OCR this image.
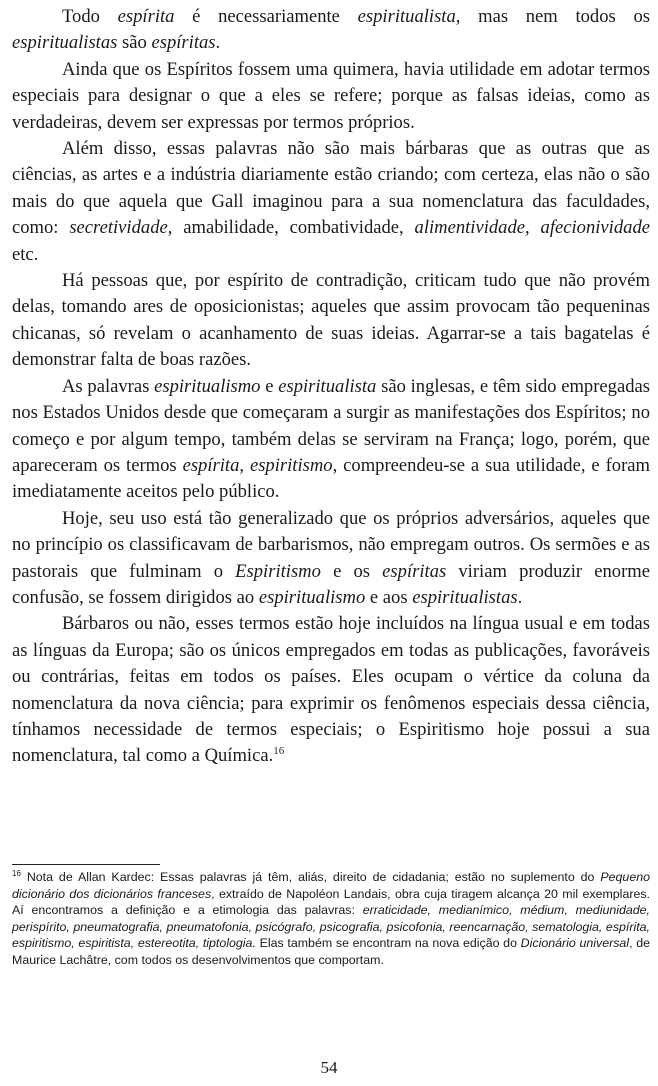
Todo espírita é necessariamente espiritualista, mas nem todos os espiritualistas são espíritas.

Ainda que os Espíritos fossem uma quimera, havia utilidade em adotar termos especiais para designar o que a eles se refere; porque as falsas ideias, como as verdadeiras, devem ser expressas por termos próprios.

Além disso, essas palavras não são mais bárbaras que as outras que as ciências, as artes e a indústria diariamente estão criando; com certeza, elas não o são mais do que aquela que Gall imaginou para a sua nomenclatura das faculdades, como: secretividade, amabilidade, combatividade, alimentividade, afecionividade etc.

Há pessoas que, por espírito de contradição, criticam tudo que não provém delas, tomando ares de oposicionistas; aqueles que assim provocam tão pequeninas chicanas, só revelam o acanhamento de suas ideias. Agarrar-se a tais bagatelas é demonstrar falta de boas razões.

As palavras espiritualismo e espiritualista são inglesas, e têm sido empregadas nos Estados Unidos desde que começaram a surgir as manifestações dos Espíritos; no começo e por algum tempo, também delas se serviram na França; logo, porém, que apareceram os termos espírita, espiritismo, compreendeu-se a sua utilidade, e foram imediatamente aceitos pelo público.

Hoje, seu uso está tão generalizado que os próprios adversários, aqueles que no princípio os classificavam de barbarismos, não empregam outros. Os sermões e as pastorais que fulminam o Espiritismo e os espíritas viriam produzir enorme confusão, se fossem dirigidos ao espiritualismo e aos espiritualistas.

Bárbaros ou não, esses termos estão hoje incluídos na língua usual e em todas as línguas da Europa; são os únicos empregados em todas as publicações, favoráveis ou contrárias, feitas em todos os países. Eles ocupam o vértice da coluna da nomenclatura da nova ciência; para exprimir os fenômenos especiais dessa ciência, tínhamos necessidade de termos especiais; o Espiritismo hoje possui a sua nomenclatura, tal como a Química.$^{16}$

$^{16}$ Nota de Allan Kardec: Essas palavras já têm, aliás, direito de cidadania; estão no suplemento do Pequeno dicionário dos dicionários franceses, extraído de Napoléon Landais, obra cuja tiragem alcança 20 mil exemplares. Aí encontramos a definição e a etimologia das palavras: erraticidade, medianímico, médium, mediunidade, perispírito, pneumatografia, pneumatofonia, psicógrafo, psicografia, psicofonia, reencarnação, sematologia, espírita, espiritismo, espiritista, estereotita, tiptologia. Elas também se encontram na nova edição do Dicionário universal, de Maurice Lachâtre, com todos os desenvolvimentos que comportam.
54
